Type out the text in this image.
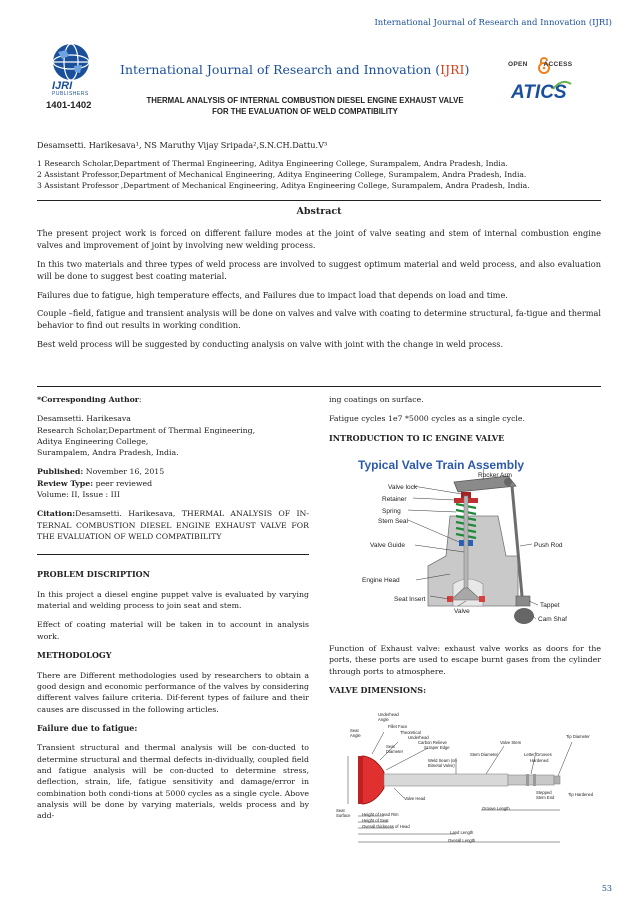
International Journal of Research and Innovation (IJRI)
IJRI
PUBLISHERS
International Journal of Research and Innovation (IJRI)
1401-1402	THERMAL ANALYSIS OF INTERNAL COMBUSTION DIESEL ENGINE EXHAUST VALVE
FOR THE EVALUATION OF WELD COMPATIBILITY
OPEN ACCESS
ATICS
Desamsetti. Harikesava¹, NS Maruthy Vijay Sripada²,S.N.CH.Dattu.V³
1 Research Scholar,Department of Thermal Engineering, Aditya Engineering College, Surampalem, Andra Pradesh, India.
2 Assistant Professor,Department of Mechanical Engineering, Aditya Engineering College, Surampalem, Andra Pradesh, India.
3 Assistant Professor ,Department of Mechanical Engineering, Aditya Engineering College, Surampalem, Andra Pradesh, India.
Abstract

The present project work is forced on different failure modes at the joint of valve seating and stem of internal combustion engine valves and improvement of joint by involving new welding process.

In this two materials and three types of weld process are involved to suggest optimum material and weld process, and also evaluation will be done to suggest best coating material.

Failures due to fatigue, high temperature effects, and Failures due to impact load that depends on load and time.

Couple –field, fatigue and transient analysis will be done on valves and valve with coating to determine structural, fa-tigue and thermal behavior to find out results in working condition.

Best weld process will be suggested by conducting analysis on valve with joint with the change in weld process.

*Corresponding Author:

Desamsetti. Harikesava
Research Scholar,Department of Thermal Engineering,
Aditya Engineering College,
Surampalem, Andra Pradesh, India.

Published: November 16, 2015
Review Type: peer reviewed
Volume: II, Issue : III

Citation:Desamsetti. Harikesava, THERMAL ANALYSIS OF IN-TERNAL COMBUSTION DIESEL ENGINE EXHAUST VALVE FOR THE EVALUATION OF WELD COMPATIBILITY

PROBLEM DISCRIPTION

In this project a diesel engine puppet valve is evaluated by varying material and welding process to join seat and stem.

Effect of coating material will be taken in to account in analysis work.

METHODOLOGY

There are Different methodologies used by researchers to obtain a good design and economic performance of the valves by considering different valves failure criteria. Dif-ferent types of failure and their causes are discussed in the following articles.

Failure due to fatigue:

Transient structural and thermal analysis will be con-ducted to determine structural and thermal defects in-dividually, coupled field and fatigue analysis will be con-ducted to determine stress, deflection, strain, life, fatigue sensitivity and damage/error in combination both condi-tions at 5000 cycles as a single cycle. Above analysis will be done by varying materials, welds process and by add-

ing coatings on surface.

Fatigue cycles 1e7 *5000 cycles as a single cycle.

INTRODUCTION TO IC ENGINE VALVE
Typical Valve Train Assembly
Rocker Arm
Valve lock
Retainer
Spring
Stem Seal
Valve Guide	Push Rod
Engine Head
Seat Insert
Valve
Tappet
Cam Shaf

Function of Exhaust valve: exhaust valve works as doors for the ports, these ports are used to escape burnt gases from the cylinder through ports to atmosphere.

VALVE DIMENSIONS:
Underhead Angle
Fillet Face
Theoretical
Underhead
Carbon Relieve
Scraper Edge
Seat Angle
Seat Diameter
Stem Diameter
Valve Stem
Letter Grooves
Hardened
Tip Diameter
Weld Seam (on Bimetal Valve)
Valve Head
Seat Surface	Height of Head Rim
Height of Seat
Overall thickness of Head
Groove Length
Stepped Stem End
Tip Hardened
Land Length
Overall Length
53
